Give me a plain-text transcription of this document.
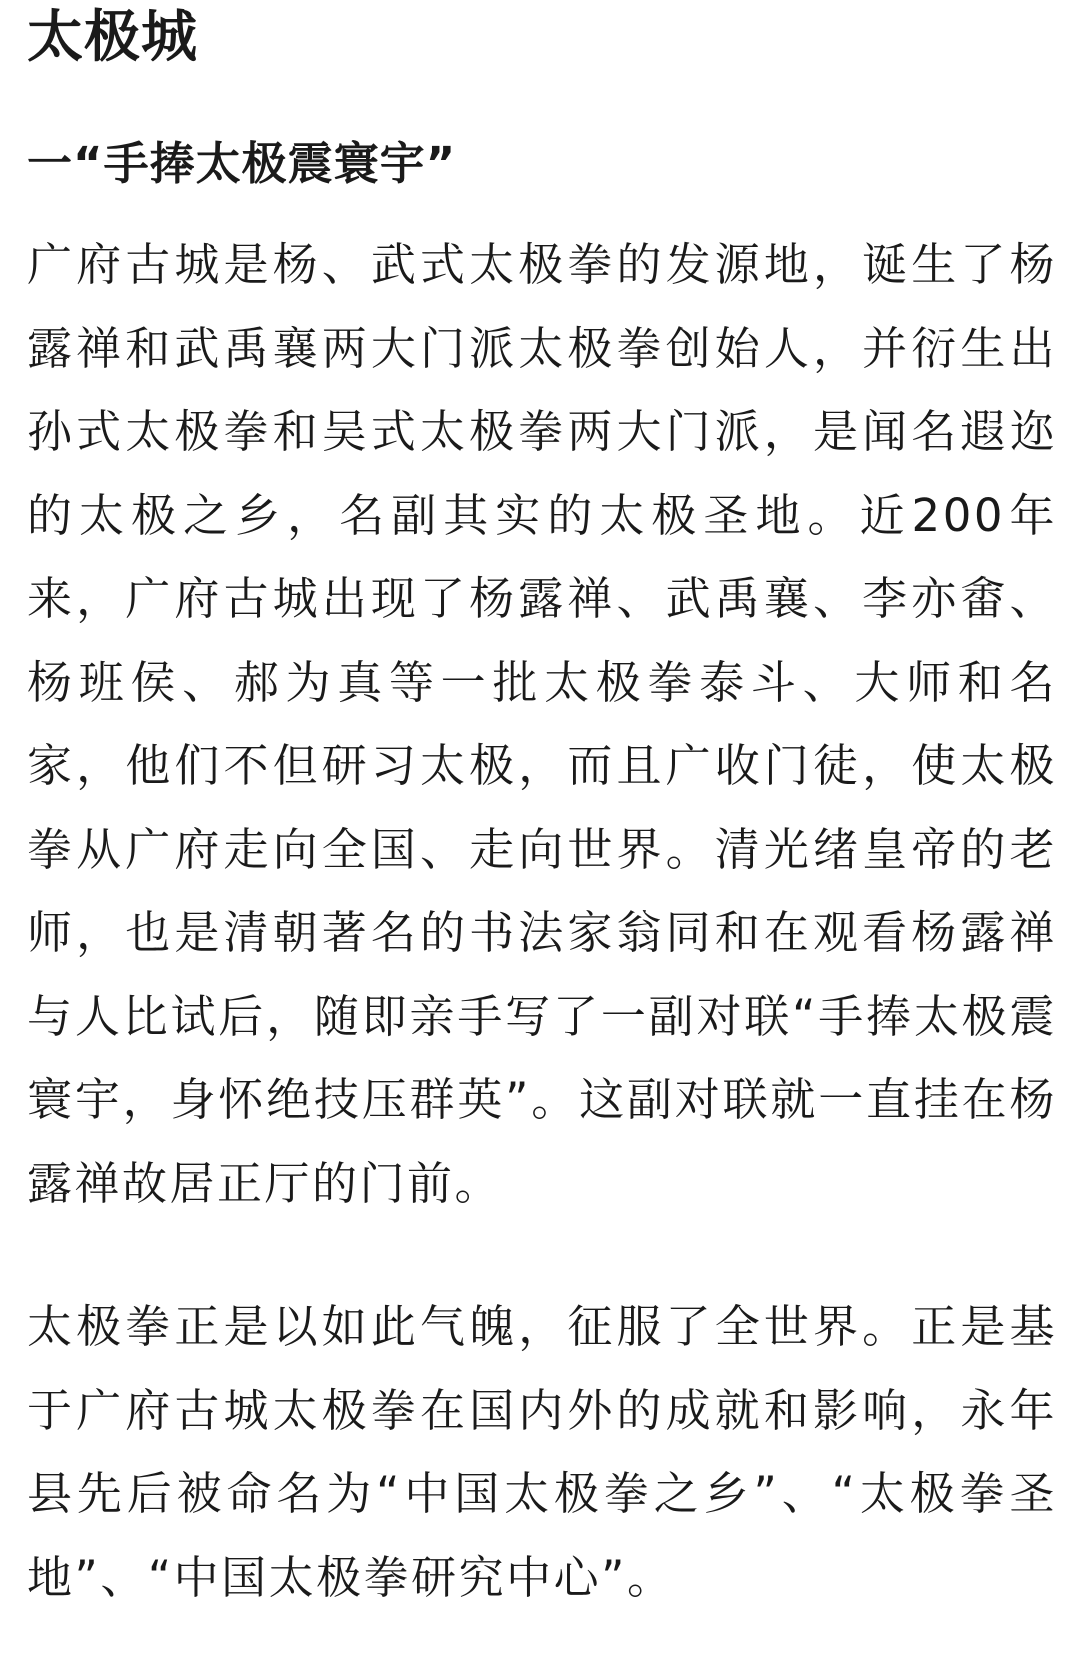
太极城
一“手捧太极震寰宇”

广府古城是杨、武式太极拳的发源地，诞生了杨露禅和武禹襄两大门派太极拳创始人，并衍生出孙式太极拳和吴式太极拳两大门派，是闻名遐迩的太极之乡，名副其实的太极圣地。近200年来，广府古城出现了杨露禅、武禹襄、李亦畬、杨班侯、郝为真等一批太极拳泰斗、大师和名家，他们不但研习太极，而且广收门徒，使太极拳从广府走向全国、走向世界。清光绪皇帝的老师，也是清朝著名的书法家翁同和在观看杨露禅与人比试后，随即亲手写了一副对联“手捧太极震寰宇，身怀绝技压群英”。这副对联就一直挂在杨露禅故居正厅的门前。

太极拳正是以如此气魄，征服了全世界。正是基于广府古城太极拳在国内外的成就和影响，永年县先后被命名为“中国太极拳之乡”、“太极拳圣地”、“中国太极拳研究中心”。
